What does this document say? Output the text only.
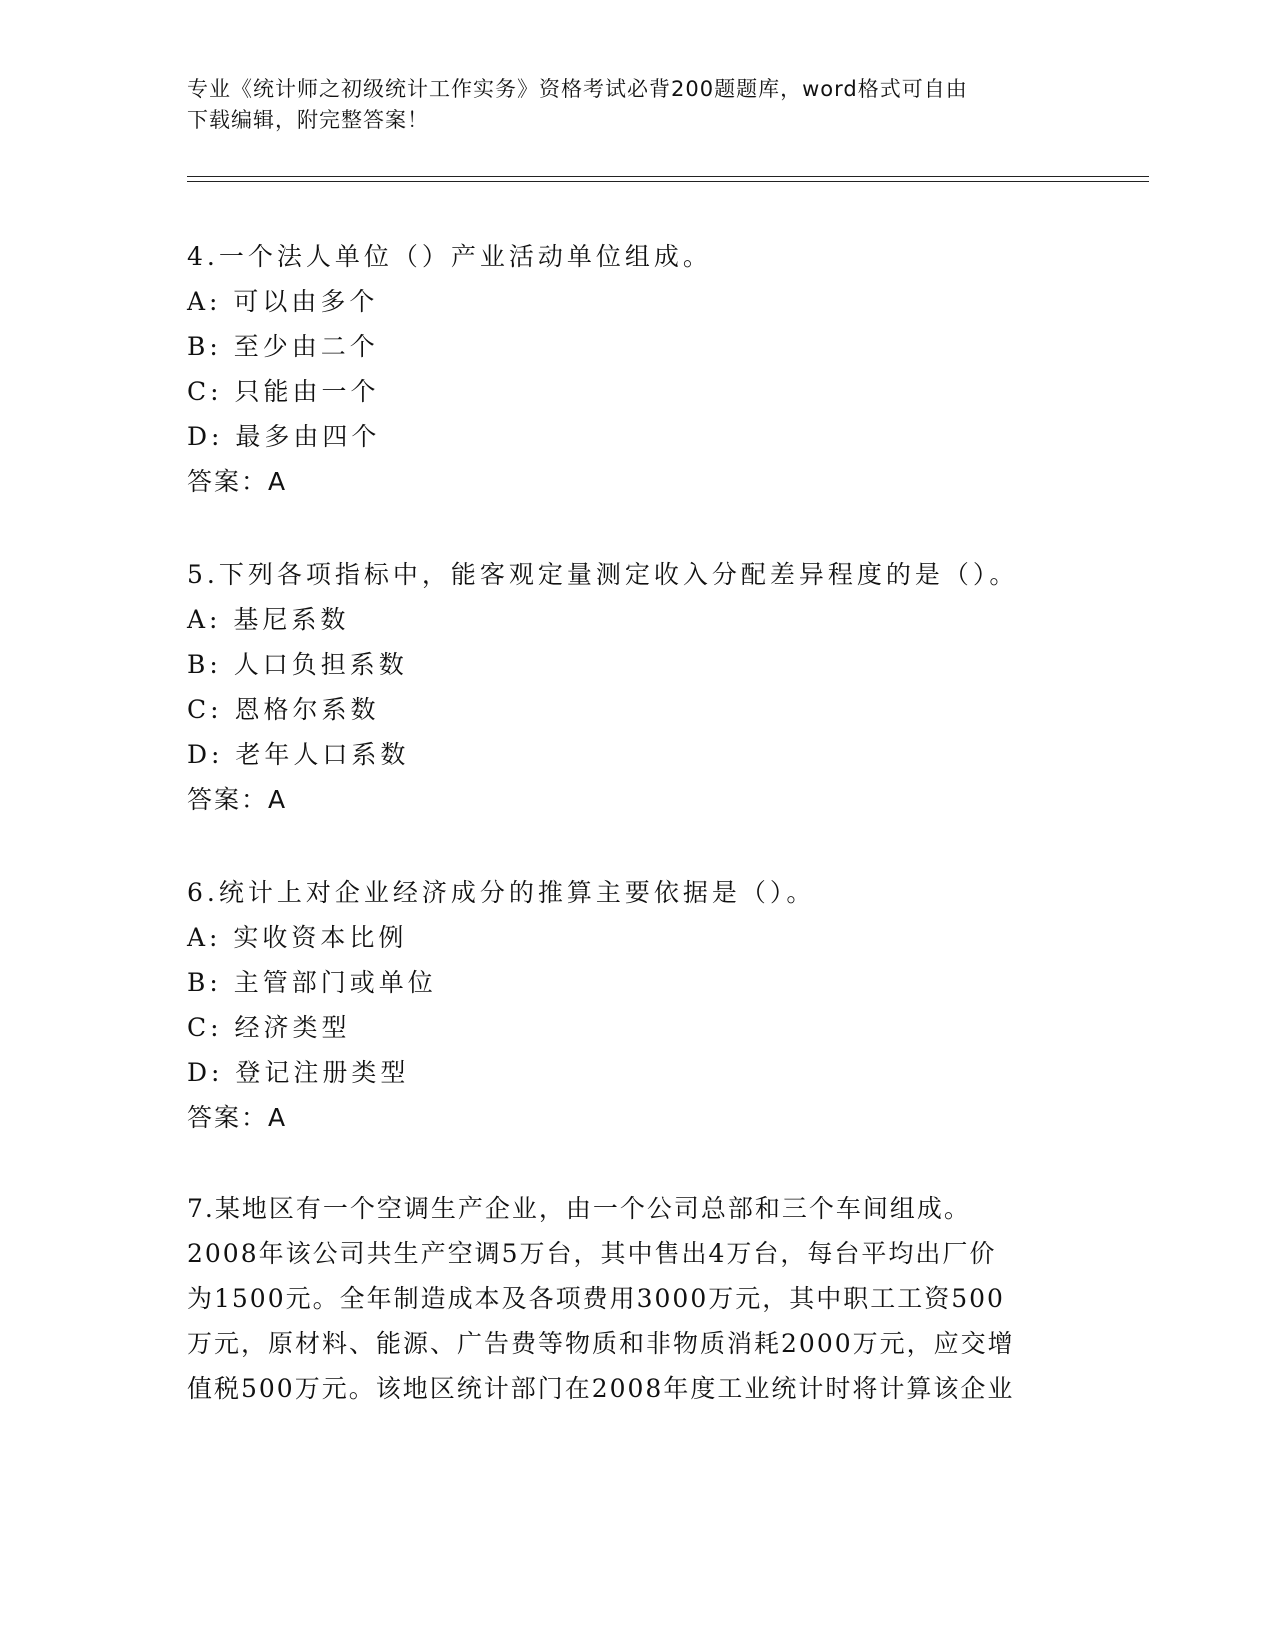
专业《统计师之初级统计工作实务》资格考试必背200题题库，word格式可自由
下载编辑，附完整答案！
4.一个法人单位（）产业活动单位组成。
A: 可以由多个
B: 至少由二个
C: 只能由一个
D: 最多由四个
答案：A
5.下列各项指标中，能客观定量测定收入分配差异程度的是（）。
A: 基尼系数
B: 人口负担系数
C: 恩格尔系数
D: 老年人口系数
答案：A
6.统计上对企业经济成分的推算主要依据是（）。
A: 实收资本比例
B: 主管部门或单位
C: 经济类型
D: 登记注册类型
答案：A
7.某地区有一个空调生产企业，由一个公司总部和三个车间组成。
2008年该公司共生产空调5万台，其中售出4万台，每台平均出厂价
为1500元。全年制造成本及各项费用3000万元，其中职工工资500
万元，原材料、能源、广告费等物质和非物质消耗2000万元，应交增
值税500万元。该地区统计部门在2008年度工业统计时将计算该企业
